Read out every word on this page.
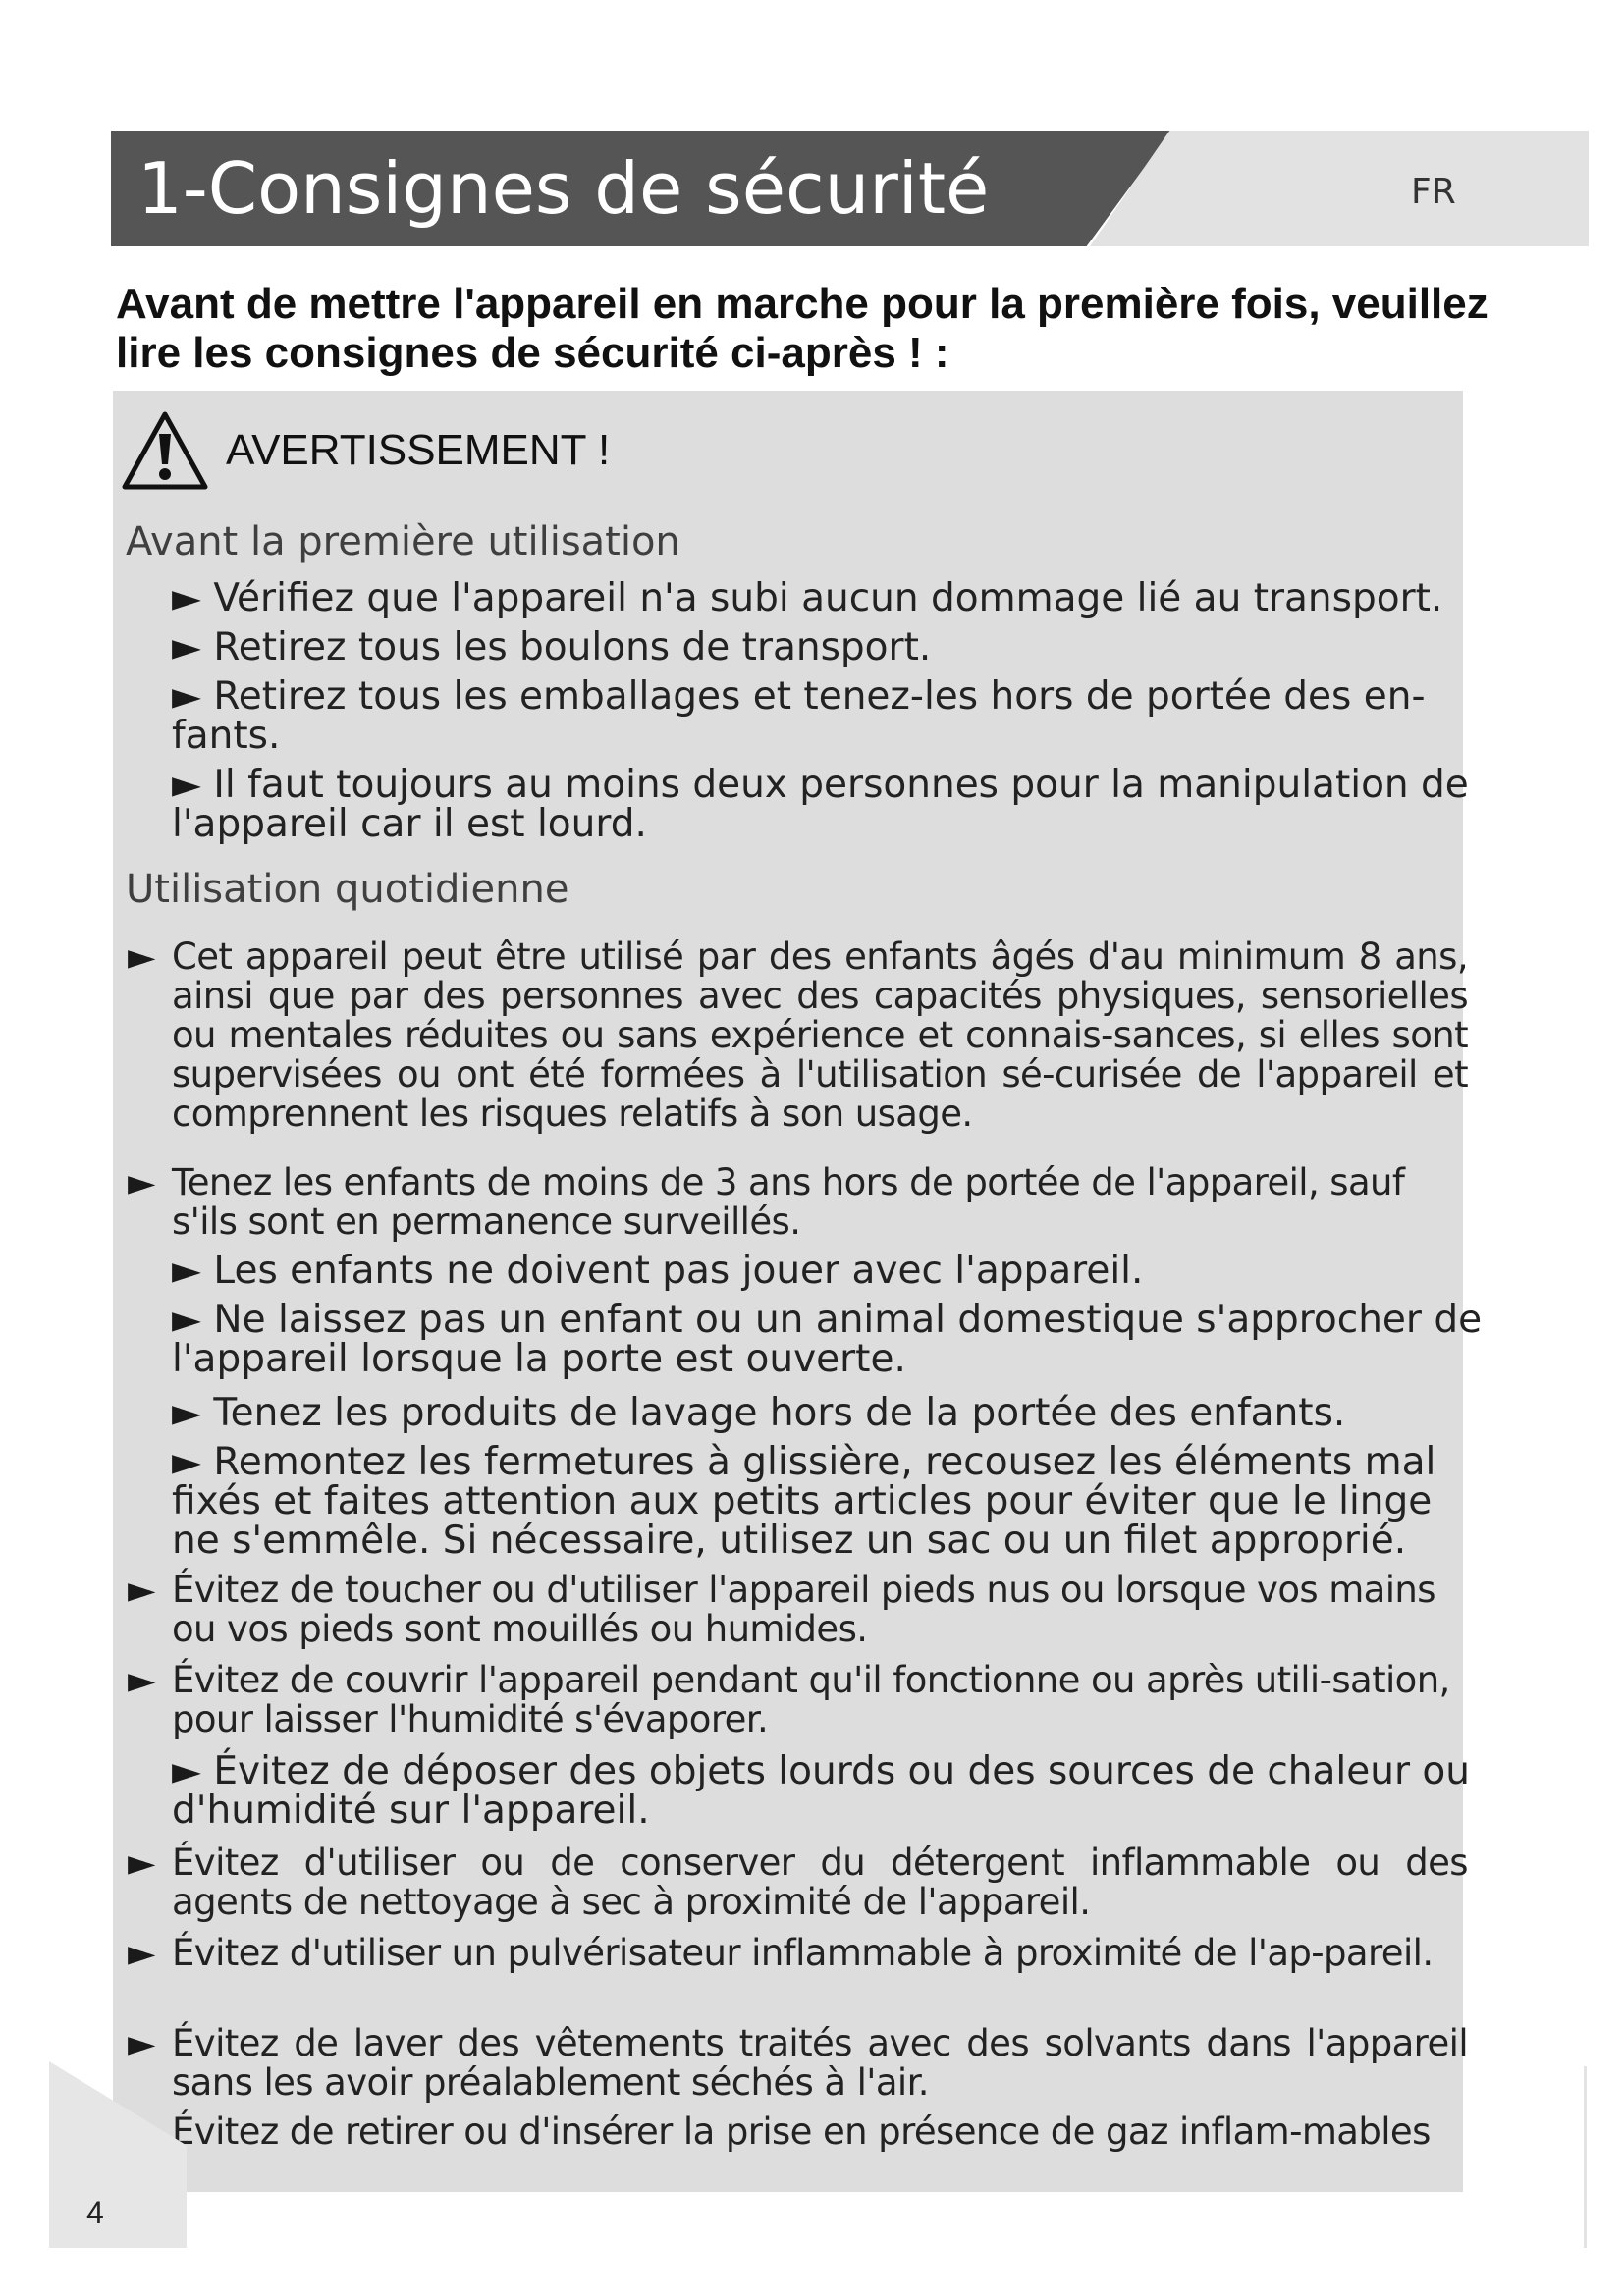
1-Consignes de sécurité	FR

Avant de mettre l'appareil en marche pour la première fois, veuillez lire les consignes de sécurité ci-après ! :

AVERTISSEMENT !
Avant la première utilisation

► Vérifiez que l'appareil n'a subi aucun dommage lié au transport.

► Retirez tous les boulons de transport.

► Retirez tous les emballages et tenez-les hors de portée des en-fants.

► Il faut toujours au moins deux personnes pour la manipulation de l'appareil car il est lourd.

Utilisation quotidienne

► Cet appareil peut être utilisé par des enfants âgés d'au minimum 8 ans, ainsi que par des personnes avec des capacités physiques, sensorielles ou mentales réduites ou sans expérience et connais-sances, si elles sont supervisées ou ont été formées à l'utilisation sé-curisée de l'appareil et comprennent les risques relatifs à son usage.

► Tenez les enfants de moins de 3 ans hors de portée de l'appareil, sauf s'ils sont en permanence surveillés.

► Les enfants ne doivent pas jouer avec l'appareil.

► Ne laissez pas un enfant ou un animal domestique s'approcher de l'appareil lorsque la porte est ouverte.

► Tenez les produits de lavage hors de la portée des enfants.

► Remontez les fermetures à glissière, recousez les éléments mal fixés et faites attention aux petits articles pour éviter que le linge ne s'emmêle. Si nécessaire, utilisez un sac ou un filet approprié.

► Évitez de toucher ou d'utiliser l'appareil pieds nus ou lorsque vos mains ou vos pieds sont mouillés ou humides.

► Évitez de couvrir l'appareil pendant qu'il fonctionne ou après utili-sation, pour laisser l'humidité s'évaporer.

► Évitez de déposer des objets lourds ou des sources de chaleur ou d'humidité sur l'appareil.

► Évitez d'utiliser ou de conserver du détergent inflammable ou des agents de nettoyage à sec à proximité de l'appareil.

► Évitez d'utiliser un pulvérisateur inflammable à proximité de l'ap-pareil.

► Évitez de laver des vêtements traités avec des solvants dans l'appareil sans les avoir préalablement séchés à l'air.

Évitez de retirer ou d'insérer la prise en présence de gaz inflam-mables

4
